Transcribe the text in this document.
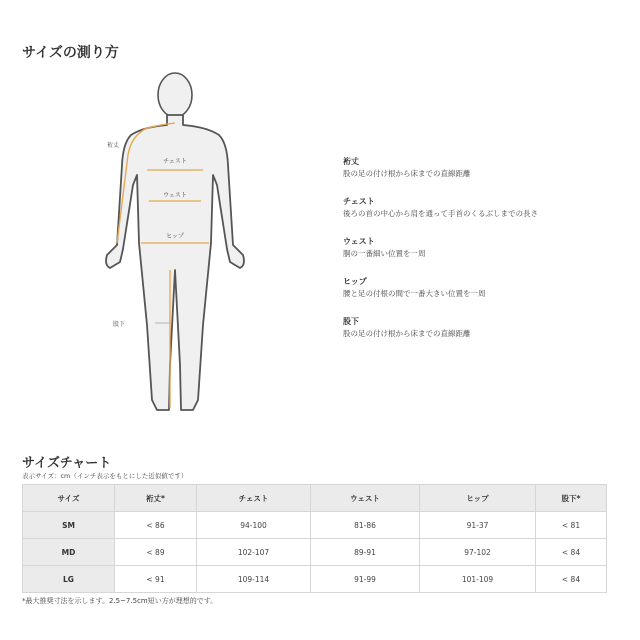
サイズの測り方
裄丈
チェスト
ウェスト
ヒップ
股下
裄丈
股の足の付け根から床までの直線距離
チェスト
後ろの首の中心から肩を通って手首のくるぶしまでの長さ
ウェスト
胴の一番細い位置を一周
ヒップ
腰と足の付根の間で一番大きい位置を一周
股下
股の足の付け根から床までの直線距離
サイズチャート
表示サイズ：cm（インチ表示をもとにした近似値です）
サイズ	裄丈*	チェスト	ウェスト	ヒップ	股下*
SM	< 86	94-100	81-86	91-37	< 81
MD	< 89	102-107	89-91	97-102	< 84
LG	< 91	109-114	91-99	101-109	< 84
*最大推奨寸法を示します。2.5~7.5cm短い方が理想的です。
